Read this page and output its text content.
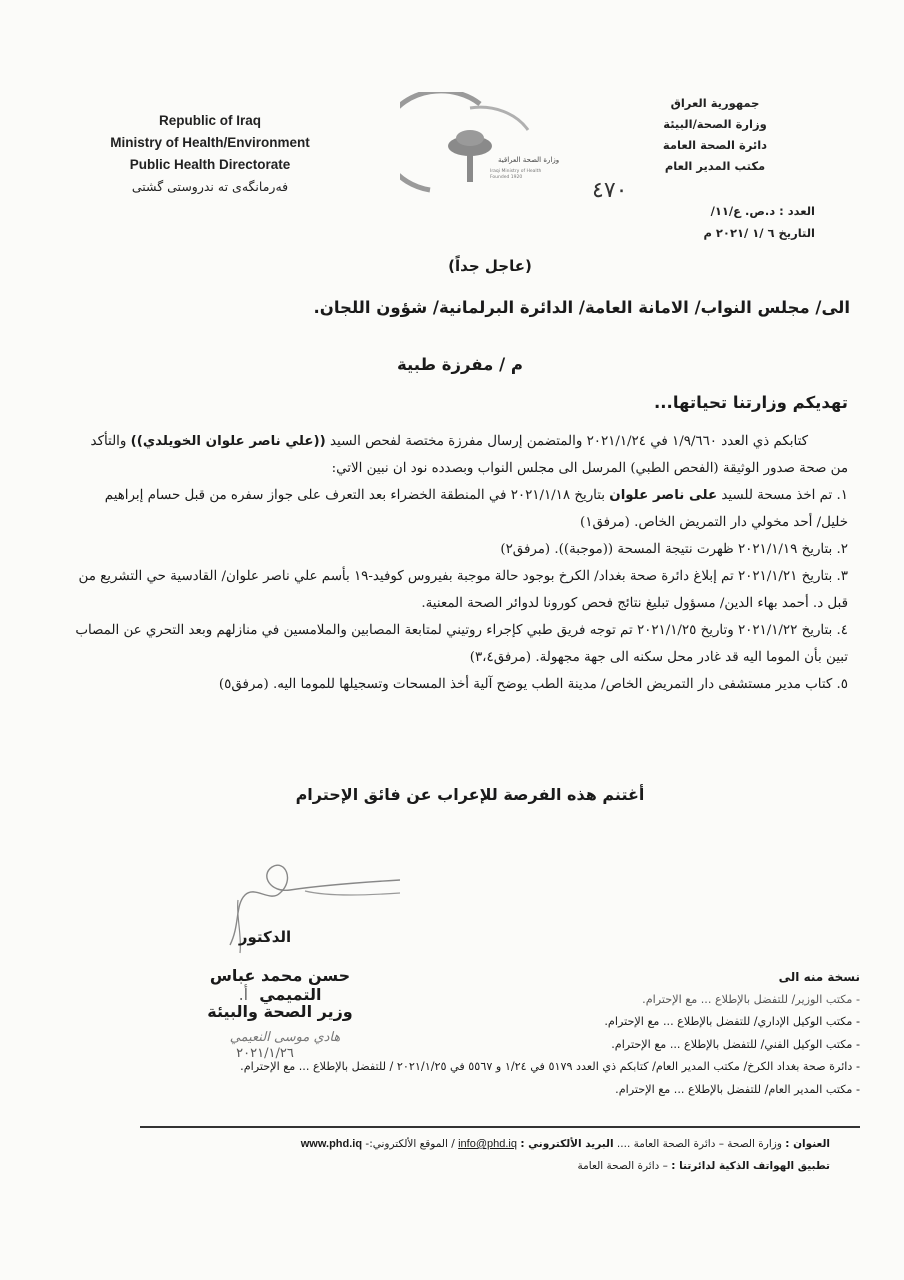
Republic of Iraq
Ministry of Health/Environment
Public Health Directorate
فەرمانگەی تە ندروستی گشتی
وزارة الصحة العراقية
Iraqi Ministry of Health
Founded 1920
جمهورية العراق
وزارة الصحة/البيئة
دائرة الصحة العامة
مكتب المدير العام
العدد : د.ص. ع/١١/
التاريخ ٦ /١ /٢٠٢١ م
٤٧٠
(عاجل جداً)
الى/ مجلس النواب/ الامانة العامة/ الدائرة البرلمانية/ شؤون اللجان.
م / مفرزة طبية
تهديكم وزارتنا تحياتها...

كتابكم ذي العدد ١/٩/٦٦٠ في ٢٠٢١/١/٢٤ والمتضمن إرسال مفرزة مختصة لفحص السيد ((علي ناصر علوان الخويلدي)) والتأكد من صحة صدور الوثيقة (الفحص الطبي) المرسل الى مجلس النواب وبصدده نود ان نبين الاتي:

١. تم اخذ مسحة للسيد على ناصر علوان بتاريخ ٢٠٢١/١/١٨ في المنطقة الخضراء بعد التعرف على جواز سفره من قبل حسام إبراهيم خليل/ أحد مخولي دار التمريض الخاص. (مرفق١)

٢. بتاريخ ٢٠٢١/١/١٩ ظهرت نتيجة المسحة ((موجبة)). (مرفق٢)

٣. بتاريخ ٢٠٢١/١/٢١ تم إبلاغ دائرة صحة بغداد/ الكرخ بوجود حالة موجبة بفيروس كوفيد-١٩ بأسم علي ناصر علوان/ القادسية حي التشريع من قبل د. أحمد بهاء الدين/ مسؤول تبليغ نتائج فحص كورونا لدوائر الصحة المعنية.

٤. بتاريخ ٢٠٢١/١/٢٢ وتاريخ ٢٠٢١/١/٢٥ تم توجه فريق طبي كإجراء روتيني لمتابعة المصابين والملامسين في منازلهم وبعد التحري عن المصاب تبين بأن الموما اليه قد غادر محل سكنه الى جهة مجهولة. (مرفق٣،٤)

٥. كتاب مدير مستشفى دار التمريض الخاص/ مدينة الطب يوضح آلية أخذ المسحات وتسجيلها للموما اليه. (مرفق٥)

أغتنم هذه الفرصة للإعراب عن فائق الإحترام
الدكتور
حسن محمد عباس التميمي  أ.
وزير الصحة والبيئة
هادي موسى النعيمي
٢٠٢١/١/٢٦
نسخة منه الى
- مكتب الوزير/ للتفضل بالإطلاع ... مع الإحترام.
- مكتب الوكيل الإداري/ للتفضل بالإطلاع ... مع الإحترام.
- مكتب الوكيل الفني/ للتفضل بالإطلاع ... مع الإحترام.
- دائرة صحة بغداد الكرخ/ مكتب المدير العام/ كتابكم ذي العدد ٥١٧٩ في ١/٢٤ و ٥٥٦٧ في ٢٠٢١/١/٢٥ / للتفضل بالإطلاع ... مع الإحترام.
- مكتب المدير العام/ للتفضل بالإطلاع ... مع الإحترام.
العنوان : وزارة الصحة – دائرة الصحة العامة .... البريد الألكتروني : info@phd.iq / الموقع الألكتروني:- www.phd.iq
تطبيق الهواتف الذكية لدائرتنا : – دائرة الصحة العامة
